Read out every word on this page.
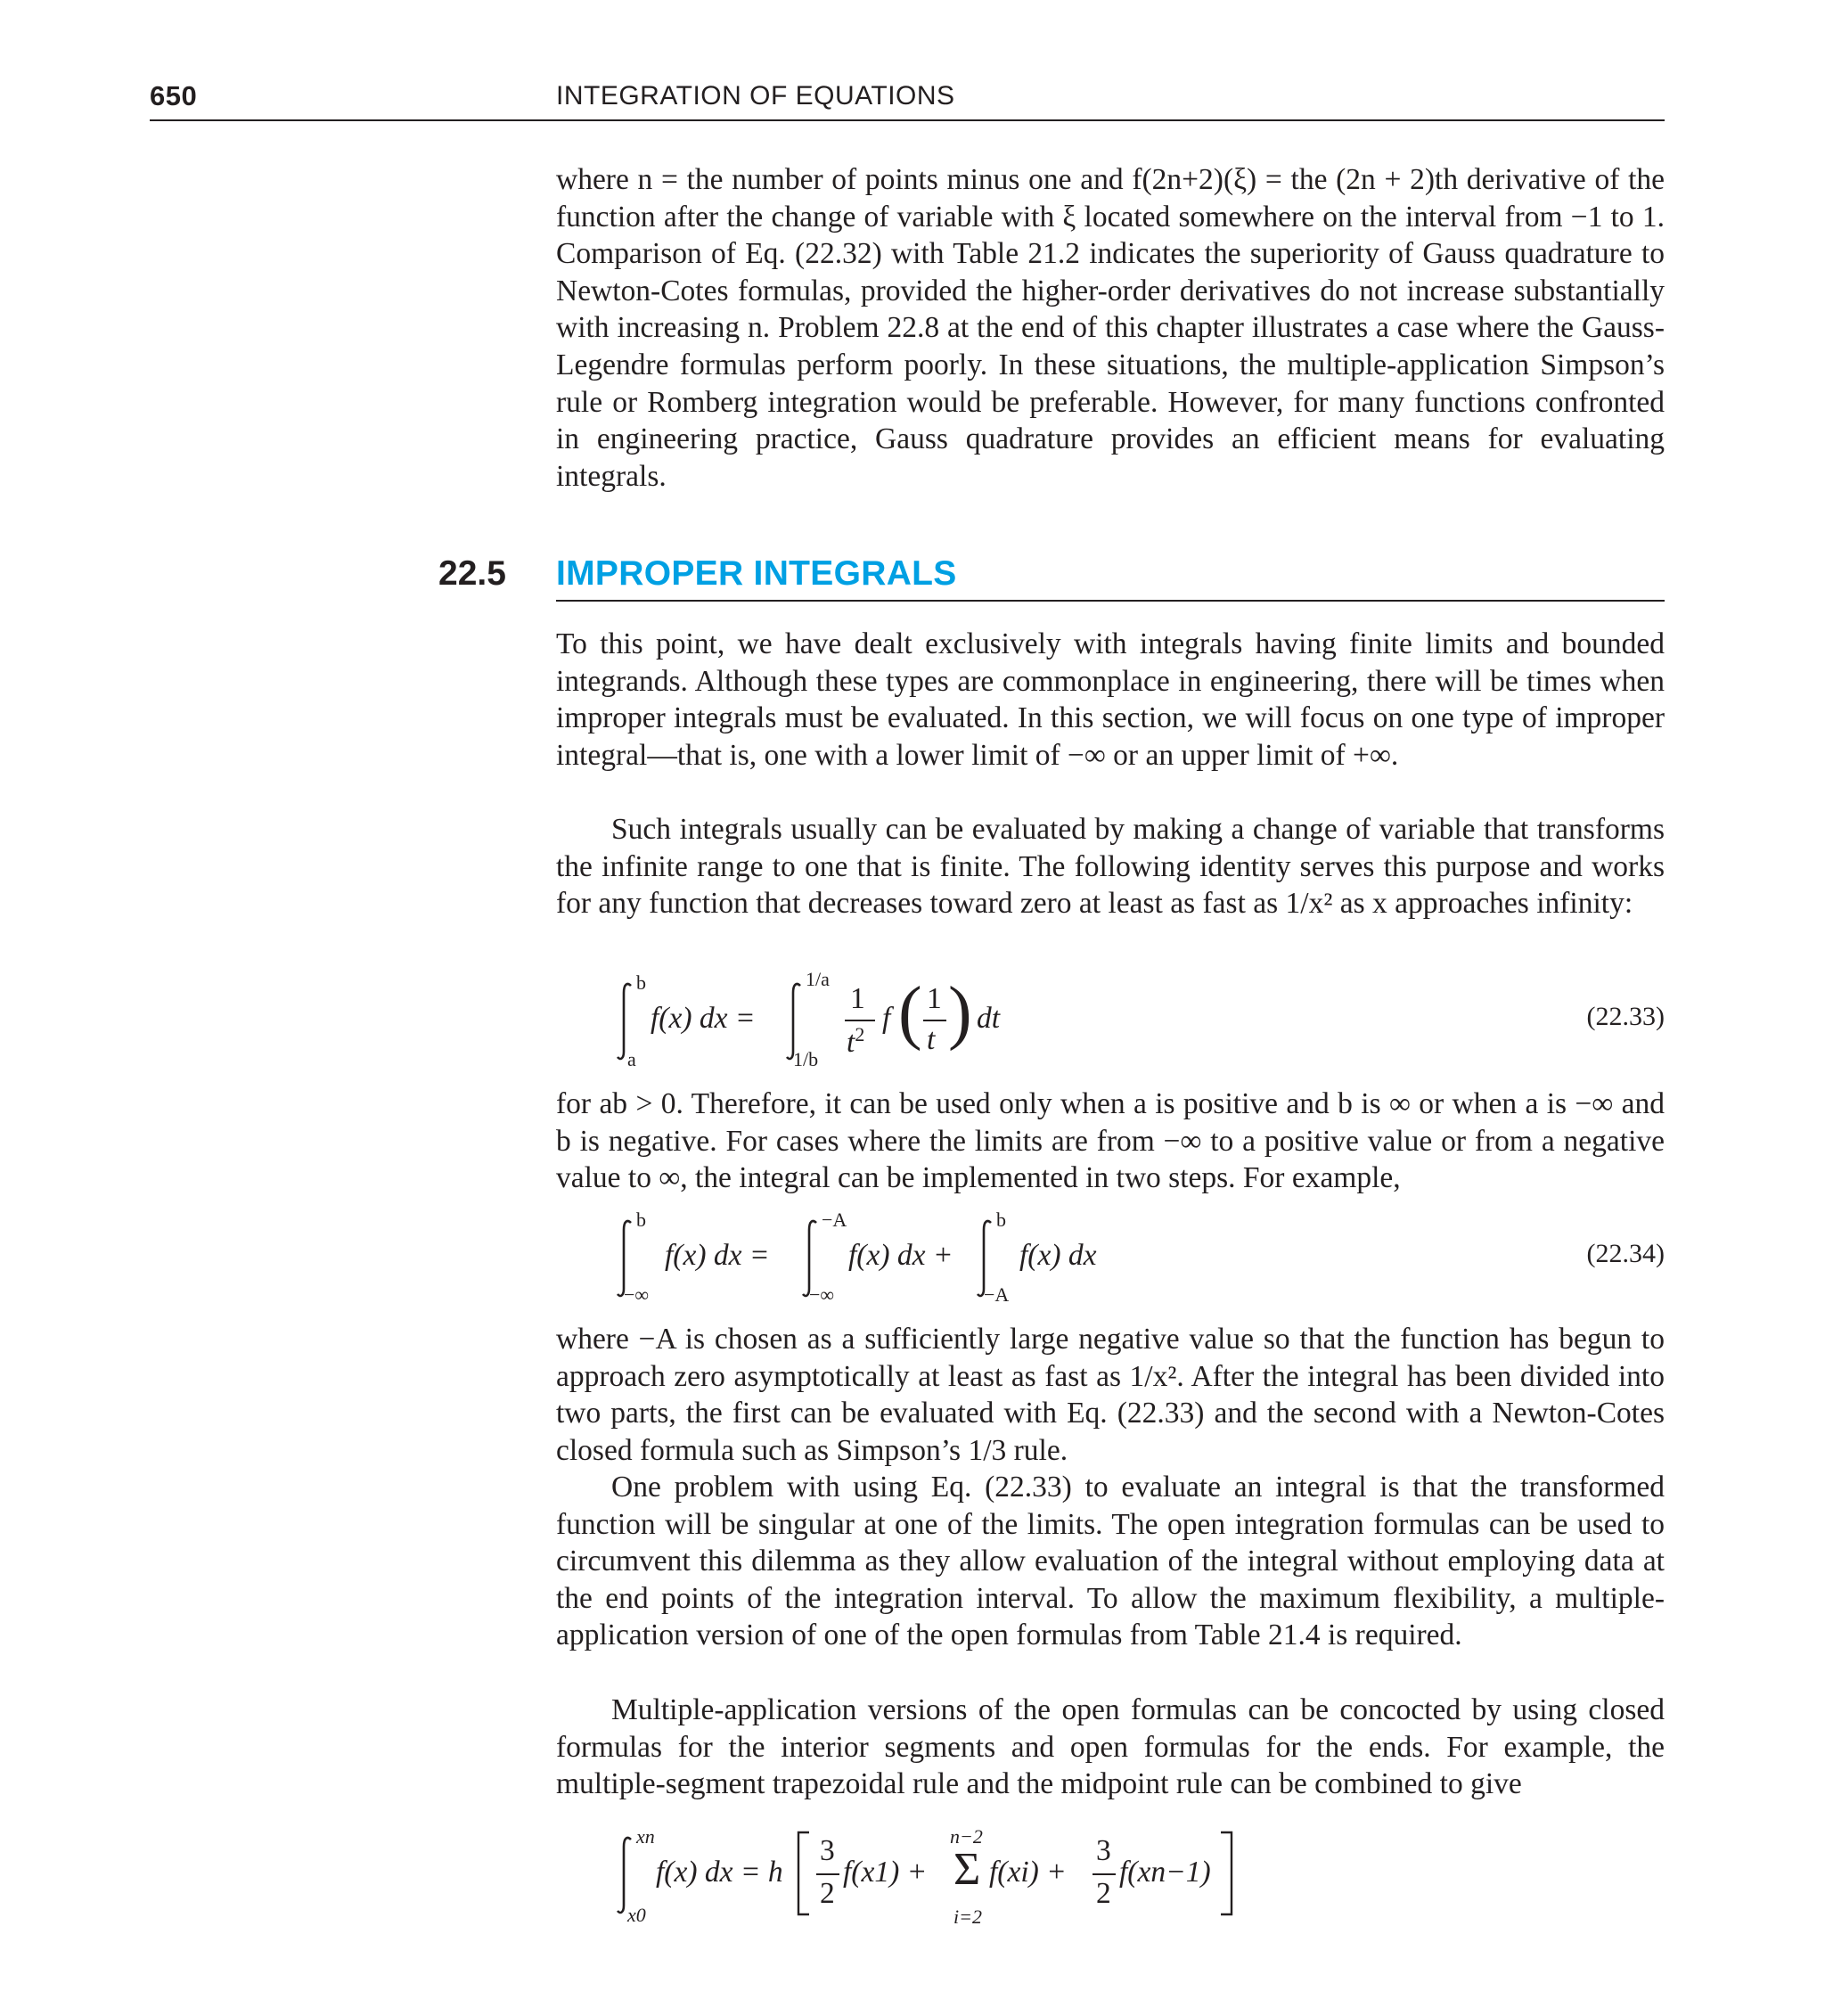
650	INTEGRATION OF EQUATIONS

where n = the number of points minus one and f(2n+2)(ξ) = the (2n + 2)th derivative of the function after the change of variable with ξ located somewhere on the interval from −1 to 1. Comparison of Eq. (22.32) with Table 21.2 indicates the superiority of Gauss quadrature to Newton-Cotes formulas, provided the higher-order derivatives do not increase substantially with increasing n. Problem 22.8 at the end of this chapter illustrates a case where the Gauss-Legendre formulas perform poorly. In these situations, the multiple-application Simpson’s rule or Romberg integration would be preferable. However, for many functions confronted in engineering practice, Gauss quadrature provides an efficient means for evaluating integrals.

22.5 IMPROPER INTEGRALS

To this point, we have dealt exclusively with integrals having finite limits and bounded integrands. Although these types are commonplace in engineering, there will be times when improper integrals must be evaluated. In this section, we will focus on one type of improper integral—that is, one with a lower limit of −∞ or an upper limit of +∞.

Such integrals usually can be evaluated by making a change of variable that transforms the infinite range to one that is finite. The following identity serves this purpose and works for any function that decreases toward zero at least as fast as 1/x² as x approaches infinity:

b
a
f(x) dx =
1/a
1/b
1
$t^2$ f ( 1
t ) dt	(22.33)

for ab > 0. Therefore, it can be used only when a is positive and b is ∞ or when a is −∞ and b is negative. For cases where the limits are from −∞ to a positive value or from a negative value to ∞, the integral can be implemented in two steps. For example,

b
−∞
f(x) dx =
−A
−∞
f(x) dx +
b
−A
f(x) dx	(22.34)

where −A is chosen as a sufficiently large negative value so that the function has begun to approach zero asymptotically at least as fast as 1/x². After the integral has been divided into two parts, the first can be evaluated with Eq. (22.33) and the second with a Newton-Cotes closed formula such as Simpson’s 1/3 rule.

One problem with using Eq. (22.33) to evaluate an integral is that the transformed function will be singular at one of the limits. The open integration formulas can be used to circumvent this dilemma as they allow evaluation of the integral without employing data at the end points of the integration interval. To allow the maximum flexibility, a multiple-application version of one of the open formulas from Table 21.4 is required.

Multiple-application versions of the open formulas can be concocted by using closed formulas for the interior segments and open formulas for the ends. For example, the multiple-segment trapezoidal rule and the midpoint rule can be combined to give

xn
x0
f(x) dx = h
3
2
f(x1) +
n−2
Σ
i=2
f(xi) +
3
2
f(xn−1)
